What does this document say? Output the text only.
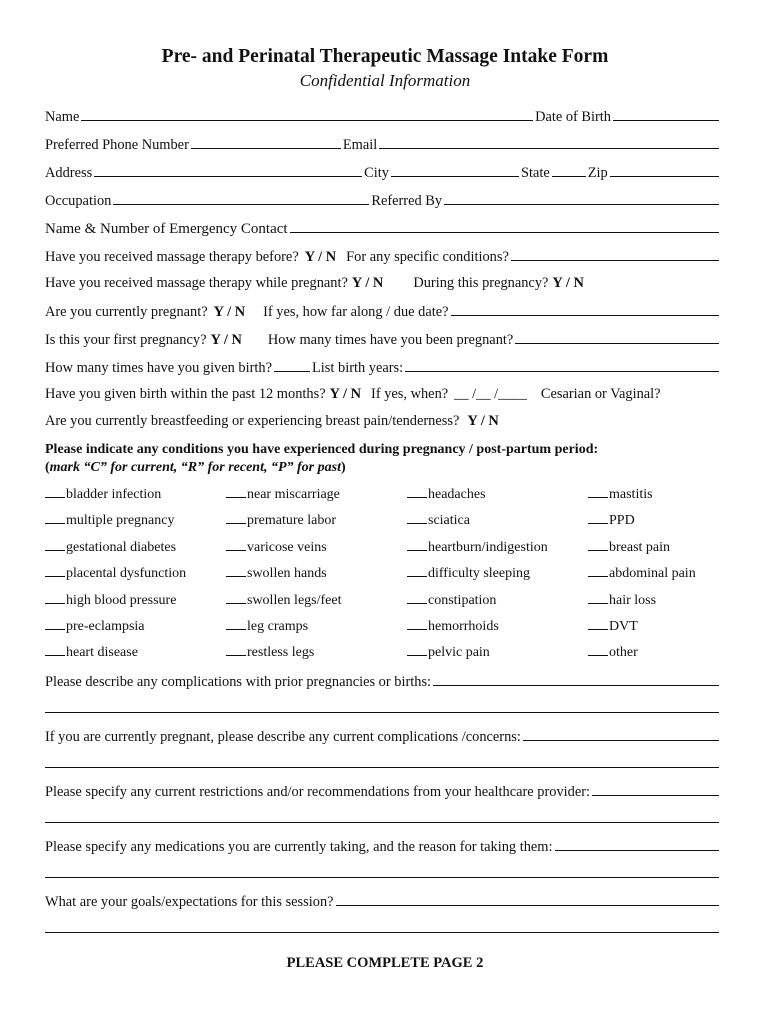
Pre- and Perinatal Therapeutic Massage Intake Form
Confidential Information
Name	Date of Birth
Preferred Phone Number	Email
Address	City	State	Zip
Occupation	Referred By
Name & Number of Emergency Contact
Have you received massage therapy before? Y / N For any specific conditions?
Have you received massage therapy while pregnant? Y / N During this pregnancy? Y / N
Are you currently pregnant? Y / N If yes, how far along / due date?
Is this your first pregnancy? Y / N How many times have you been pregnant?
How many times have you given birth?	List birth years:
Have you given birth within the past 12 months? Y / N If yes, when? __ /__ /____ Cesarian or Vaginal?
Are you currently breastfeeding or experiencing breast pain/tenderness? Y / N
Please indicate any conditions you have experienced during pregnancy / post-partum period:
(mark “C” for current, “R” for recent, “P” for past)
bladder infection	near miscarriage	headaches	mastitis
multiple pregnancy	premature labor	sciatica	PPD
gestational diabetes	varicose veins	heartburn/indigestion	breast pain
placental dysfunction	swollen hands	difficulty sleeping	abdominal pain
high blood pressure	swollen legs/feet	constipation	hair loss
pre-eclampsia	leg cramps	hemorrhoids	DVT
heart disease	restless legs	pelvic pain	other
Please describe any complications with prior pregnancies or births:
If you are currently pregnant, please describe any current complications /concerns:
Please specify any current restrictions and/or recommendations from your healthcare provider:
Please specify any medications you are currently taking, and the reason for taking them:
What are your goals/expectations for this session?
PLEASE COMPLETE PAGE 2
